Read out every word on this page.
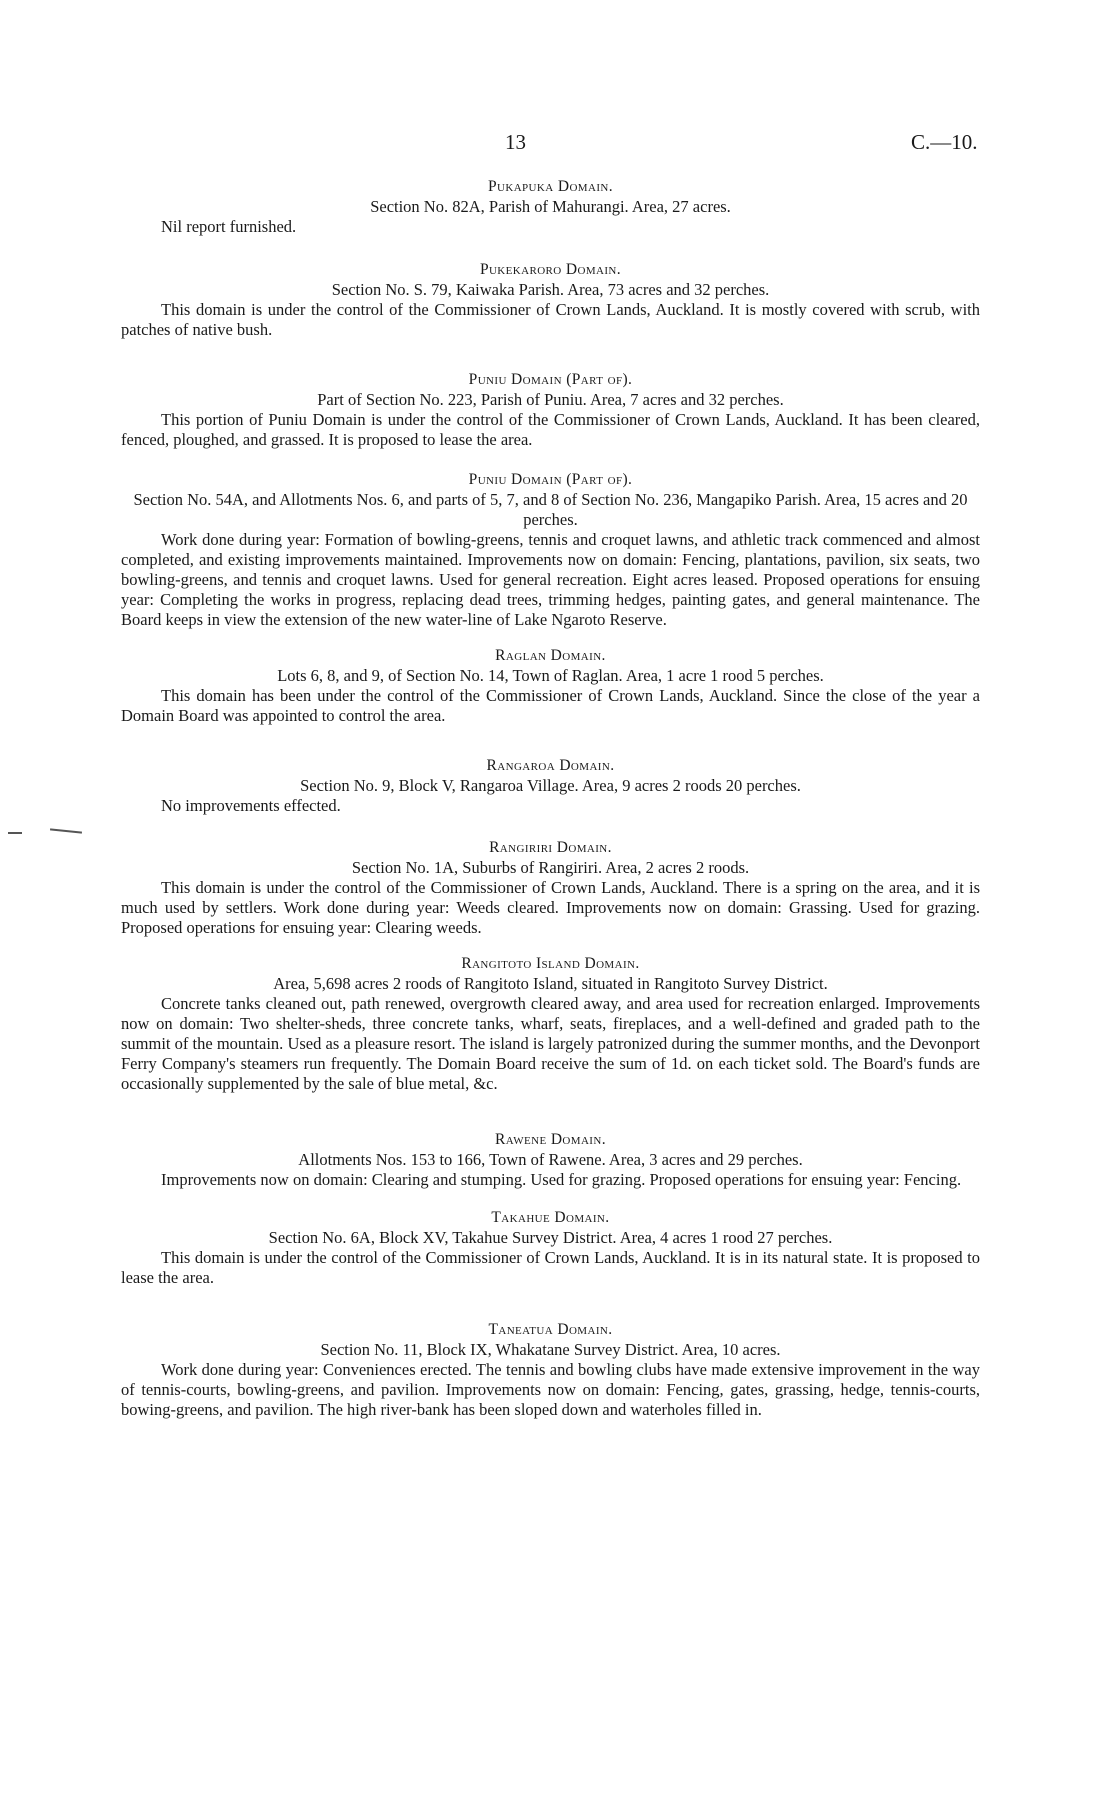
13	C.—10.

Pukapuka Domain.

Section No. 82A, Parish of Mahurangi. Area, 27 acres.

Nil report furnished.

Pukekaroro Domain.

Section No. S. 79, Kaiwaka Parish. Area, 73 acres and 32 perches.

This domain is under the control of the Commissioner of Crown Lands, Auckland. It is mostly covered with scrub, with patches of native bush.

Puniu Domain (Part of).

Part of Section No. 223, Parish of Puniu. Area, 7 acres and 32 perches.

This portion of Puniu Domain is under the control of the Commissioner of Crown Lands, Auckland. It has been cleared, fenced, ploughed, and grassed. It is proposed to lease the area.

Puniu Domain (Part of).

Section No. 54A, and Allotments Nos. 6, and parts of 5, 7, and 8 of Section No. 236, Mangapiko Parish. Area, 15 acres and 20 perches.

Work done during year: Formation of bowling-greens, tennis and croquet lawns, and athletic track commenced and almost completed, and existing improvements maintained. Improvements now on domain: Fencing, plantations, pavilion, six seats, two bowling-greens, and tennis and croquet lawns. Used for general recreation. Eight acres leased. Proposed operations for ensuing year: Completing the works in progress, replacing dead trees, trimming hedges, painting gates, and general maintenance. The Board keeps in view the extension of the new water-line of Lake Ngaroto Reserve.

Raglan Domain.

Lots 6, 8, and 9, of Section No. 14, Town of Raglan. Area, 1 acre 1 rood 5 perches.

This domain has been under the control of the Commissioner of Crown Lands, Auckland. Since the close of the year a Domain Board was appointed to control the area.

Rangaroa Domain.

Section No. 9, Block V, Rangaroa Village. Area, 9 acres 2 roods 20 perches.

No improvements effected.

Rangiriri Domain.

Section No. 1A, Suburbs of Rangiriri. Area, 2 acres 2 roods.

This domain is under the control of the Commissioner of Crown Lands, Auckland. There is a spring on the area, and it is much used by settlers. Work done during year: Weeds cleared. Improvements now on domain: Grassing. Used for grazing. Proposed operations for ensuing year: Clearing weeds.

Rangitoto Island Domain.

Area, 5,698 acres 2 roods of Rangitoto Island, situated in Rangitoto Survey District.

Concrete tanks cleaned out, path renewed, overgrowth cleared away, and area used for recreation enlarged. Improvements now on domain: Two shelter-sheds, three concrete tanks, wharf, seats, fireplaces, and a well-defined and graded path to the summit of the mountain. Used as a pleasure resort. The island is largely patronized during the summer months, and the Devonport Ferry Company's steamers run frequently. The Domain Board receive the sum of 1d. on each ticket sold. The Board's funds are occasionally supplemented by the sale of blue metal, &c.

Rawene Domain.

Allotments Nos. 153 to 166, Town of Rawene. Area, 3 acres and 29 perches.

Improvements now on domain: Clearing and stumping. Used for grazing. Proposed operations for ensuing year: Fencing.

Takahue Domain.

Section No. 6A, Block XV, Takahue Survey District. Area, 4 acres 1 rood 27 perches.

This domain is under the control of the Commissioner of Crown Lands, Auckland. It is in its natural state. It is proposed to lease the area.

Taneatua Domain.

Section No. 11, Block IX, Whakatane Survey District. Area, 10 acres.

Work done during year: Conveniences erected. The tennis and bowling clubs have made extensive improvement in the way of tennis-courts, bowling-greens, and pavilion. Improvements now on domain: Fencing, gates, grassing, hedge, tennis-courts, bowing-greens, and pavilion. The high river-bank has been sloped down and waterholes filled in.
